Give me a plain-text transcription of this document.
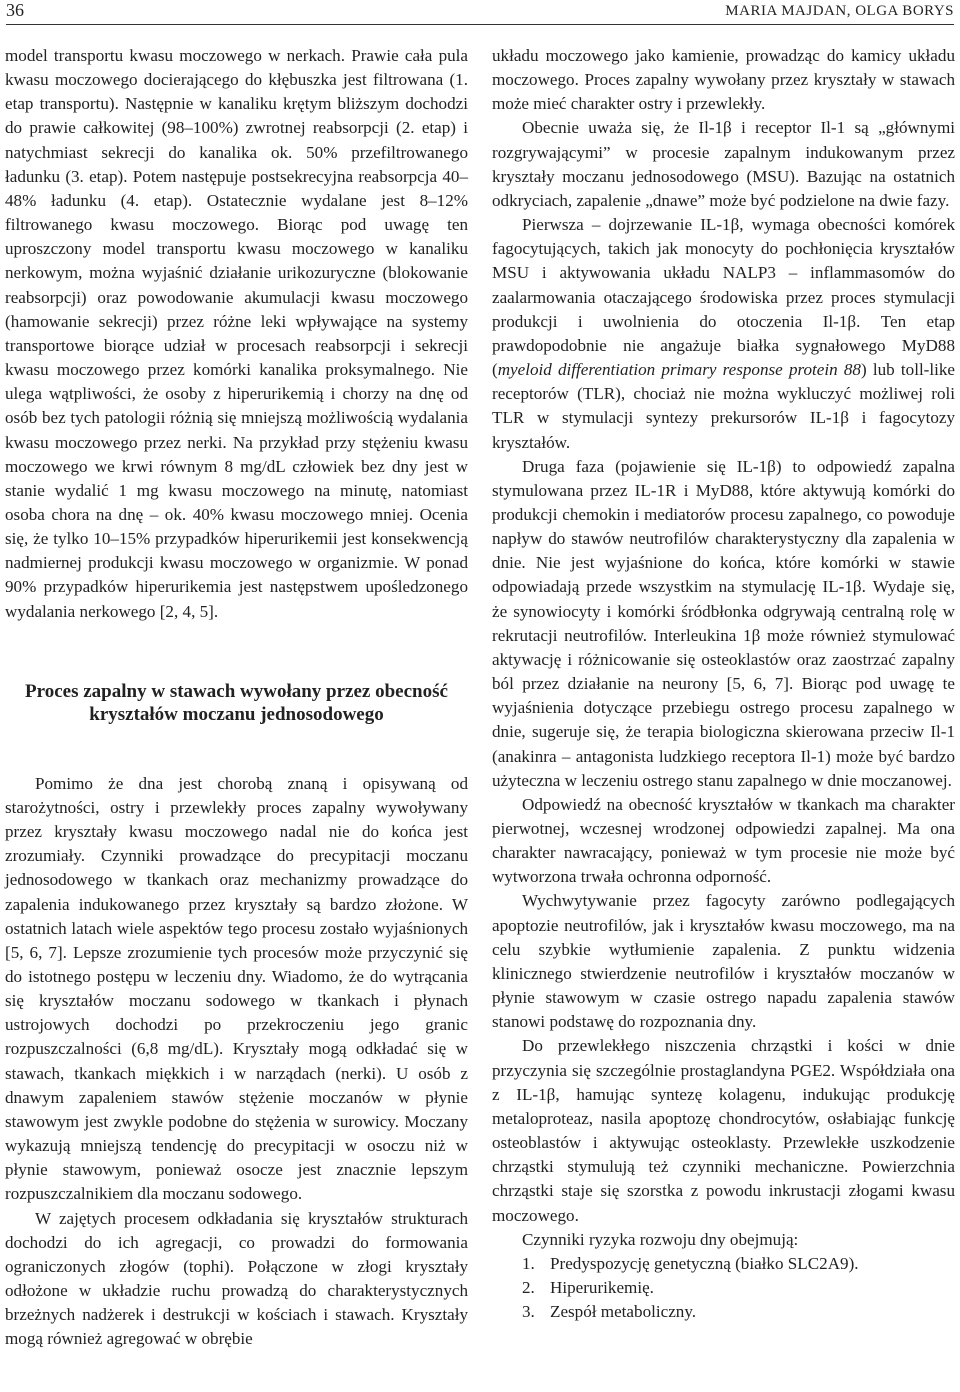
36	MARIA MAJDAN, OLGA BORYS

model transportu kwasu moczowego w nerkach. Prawie cała pula kwasu moczowego docierającego do kłębuszka jest filtrowana (1. etap transportu). Następnie w kanaliku krętym bliższym dochodzi do prawie całkowitej (98–100%) zwrotnej reabsorpcji (2. etap) i natychmiast sekrecji do kanalika ok. 50% przefiltrowanego ładunku (3. etap). Potem następuje postsekrecyjna reabsorpcja 40–48% ładunku (4. etap). Ostatecznie wydalane jest 8–12% filtrowanego kwasu moczowego. Biorąc pod uwagę ten uproszczony model transportu kwasu moczowego w kanaliku nerkowym, można wyjaśnić działanie urikozuryczne (blokowanie reabsorpcji) oraz powodowanie akumulacji kwasu moczowego (hamowanie sekrecji) przez różne leki wpływające na systemy transportowe biorące udział w procesach reabsorpcji i sekrecji kwasu moczowego przez komórki kanalika proksymalnego. Nie ulega wątpliwości, że osoby z hiperurikemią i chorzy na dnę od osób bez tych patologii różnią się mniejszą możliwością wydalania kwasu moczowego przez nerki. Na przykład przy stężeniu kwasu moczowego we krwi równym 8 mg/dL człowiek bez dny jest w stanie wydalić 1 mg kwasu moczowego na minutę, natomiast osoba chora na dnę – ok. 40% kwasu moczowego mniej. Ocenia się, że tylko 10–15% przypadków hiperurikemii jest konsekwencją nadmiernej produkcji kwasu moczowego w organizmie. W ponad 90% przypadków hiperurikemia jest następstwem upośledzonego wydalania nerkowego [2, 4, 5].

Proces zapalny w stawach wywołany przez obecność kryształów moczanu jednosodowego

Pomimo że dna jest chorobą znaną i opisywaną od starożytności, ostry i przewlekły proces zapalny wywoływany przez kryształy kwasu moczowego nadal nie do końca jest zrozumiały. Czynniki prowadzące do precypitacji moczanu jednosodowego w tkankach oraz mechanizmy prowadzące do zapalenia indukowanego przez kryształy są bardzo złożone. W ostatnich latach wiele aspektów tego procesu zostało wyjaśnionych [5, 6, 7]. Lepsze zrozumienie tych procesów może przyczynić się do istotnego postępu w leczeniu dny. Wiadomo, że do wytrącania się kryształów moczanu sodowego w tkankach i płynach ustrojowych dochodzi po przekroczeniu jego granic rozpuszczalności (6,8 mg/dL). Kryształy mogą odkładać się w stawach, tkankach miękkich i w narządach (nerki). U osób z dnawym zapaleniem stawów stężenie moczanów w płynie stawowym jest zwykle podobne do stężenia w surowicy. Moczany wykazują mniejszą tendencję do precypitacji w osoczu niż w płynie stawowym, ponieważ osocze jest znacznie lepszym rozpuszczalnikiem dla moczanu sodowego.

W zajętych procesem odkładania się kryształów strukturach dochodzi do ich agregacji, co prowadzi do formowania ograniczonych złogów (tophi). Połączone w złogi kryształy odłożone w układzie ruchu prowadzą do charakterystycznych brzeżnych nadżerek i destrukcji w kościach i stawach. Kryształy mogą również agregować w obrębie

układu moczowego jako kamienie, prowadząc do kamicy układu moczowego. Proces zapalny wywołany przez kryształy w stawach może mieć charakter ostry i przewlekły.

Obecnie uważa się, że Il-1β i receptor Il-1 są „głównymi rozgrywającymi” w procesie zapalnym indukowanym przez kryształy moczanu jednosodowego (MSU). Bazując na ostatnich odkryciach, zapalenie „dnawe” może być podzielone na dwie fazy.

Pierwsza – dojrzewanie IL-1β, wymaga obecności komórek fagocytujących, takich jak monocyty do pochłonięcia kryształów MSU i aktywowania układu NALP3 – inflammasomów do zaalarmowania otaczającego środowiska przez proces stymulacji produkcji i uwolnienia do otoczenia Il-1β. Ten etap prawdopodobnie nie angażuje białka sygnałowego MyD88 (myeloid differentiation primary response protein 88) lub toll-like receptorów (TLR), chociaż nie można wykluczyć możliwej roli TLR w stymulacji syntezy prekursorów IL-1β i fagocytozy kryształów.

Druga faza (pojawienie się IL-1β) to odpowiedź zapalna stymulowana przez IL-1R i MyD88, które aktywują komórki do produkcji chemokin i mediatorów procesu zapalnego, co powoduje napływ do stawów neutrofilów charakterystyczny dla zapalenia w dnie. Nie jest wyjaśnione do końca, które komórki w stawie odpowiadają przede wszystkim na stymulację IL-1β. Wydaje się, że synowiocyty i komórki śródbłonka odgrywają centralną rolę w rekrutacji neutrofilów. Interleukina 1β może również stymulować aktywację i różnicowanie się osteoklastów oraz zaostrzać zapalny ból przez działanie na neurony [5, 6, 7]. Biorąc pod uwagę te wyjaśnienia dotyczące przebiegu ostrego procesu zapalnego w dnie, sugeruje się, że terapia biologiczna skierowana przeciw Il-1 (anakinra – antagonista ludzkiego receptora Il-1) może być bardzo użyteczna w leczeniu ostrego stanu zapalnego w dnie moczanowej.

Odpowiedź na obecność kryształów w tkankach ma charakter pierwotnej, wczesnej wrodzonej odpowiedzi zapalnej. Ma ona charakter nawracający, ponieważ w tym procesie nie może być wytworzona trwała ochronna odporność.

Wychwytywanie przez fagocyty zarówno podlegających apoptozie neutrofilów, jak i kryształów kwasu moczowego, ma na celu szybkie wytłumienie zapalenia. Z punktu widzenia klinicznego stwierdzenie neutrofilów i kryształów moczanów w płynie stawowym w czasie ostrego napadu zapalenia stawów stanowi podstawę do rozpoznania dny.

Do przewlekłego niszczenia chrząstki i kości w dnie przyczynia się szczególnie prostaglandyna PGE2. Współdziała ona z IL-1β, hamując syntezę kolagenu, indukując produkcję metaloproteaz, nasila apoptozę chondrocytów, osłabiając funkcję osteoblastów i aktywując osteoklasty. Przewlekłe uszkodzenie chrząstki stymulują też czynniki mechaniczne. Powierzchnia chrząstki staje się szorstka z powodu inkrustacji złogami kwasu moczowego.

Czynniki ryzyka rozwoju dny obejmują:

1. Predyspozycję genetyczną (białko SLC2A9).
2. Hiperurikemię.
3. Zespół metaboliczny.
